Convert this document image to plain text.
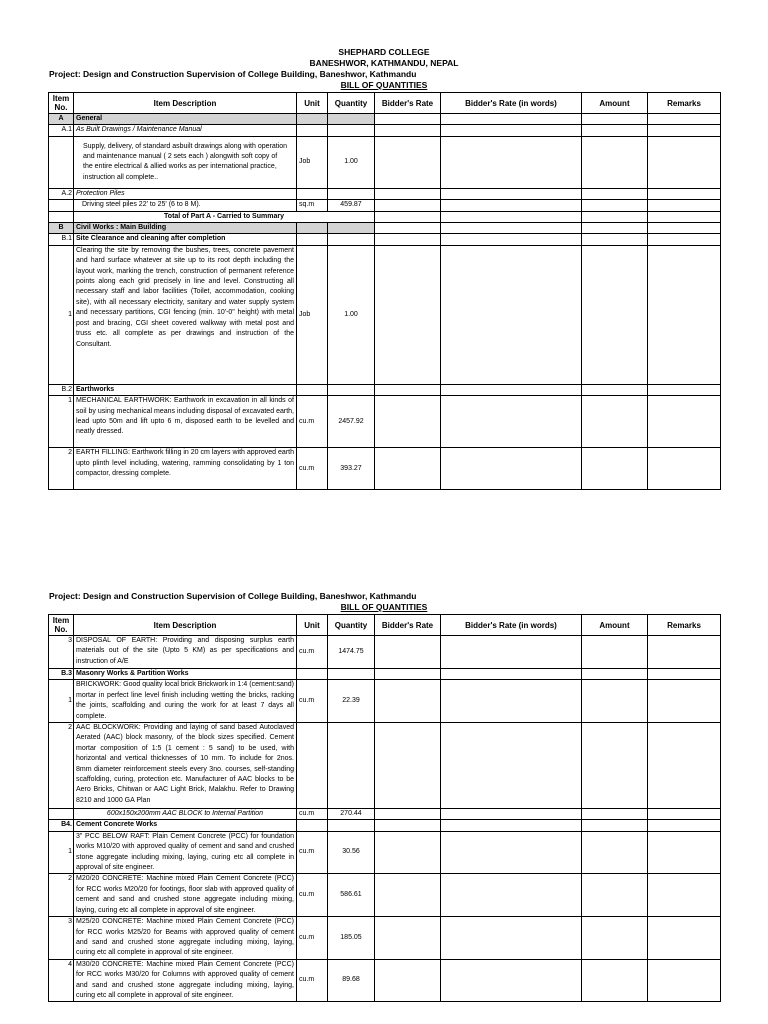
SHEPHARD COLLEGE
BANESHWOR, KATHMANDU, NEPAL
Project: Design and Construction Supervision of College Building, Baneshwor, Kathmandu
BILL OF QUANTITIES
Item No.	Item Description	Unit	Quantity	Bidder's Rate	Bidder's Rate (in words)	Amount	Remarks
A	General						
A.1	As Built Drawings / Maintenance Manual						
	Supply, delivery, of standard asbuilt drawings along with operation and maintenance manual ( 2 sets each ) alongwith soft copy of the entire electrical & allied works as per international practice, instruction all complete..	Job	1.00				
A.2	Protection Piles						
	Driving steel piles 22' to 25' (6 to 8 M).	sq.m	459.87				
	Total of Part A - Carried to Summary						
B	Civil Works : Main Building						
B.1	Site Clearance and cleaning after completion						
1	Clearing the site by removing the bushes, trees, concrete pavement and hard surface whatever at site up to its root depth including the layout work, marking the trench, construction of permanent reference points along each grid precisely in line and level. Constructing all necessary staff and labor facilities (Toilet, accommodation, cooking site), with all necessary electricity, sanitary and water supply system and necessary partitions, CGI fencing (min. 10'-0" height) with metal post and bracing, CGI sheet covered walkway with metal post and truss etc. all complete as per drawings and instruction of the Consultant.	Job	1.00				
B.2	Earthworks						
1	MECHANICAL EARTHWORK: Earthwork in excavation in all kinds of soil by using mechanical means including disposal of excavated earth, lead upto 50m and lift upto 6 m, disposed earth to be levelled and neatly dressed.	cu.m	2457.92				
2	EARTH FILLING: Earthwork filling in 20 cm layers with approved earth upto plinth level including, watering, ramming consolidating by 1 ton compactor, dressing complete.	cu.m	393.27				
Project: Design and Construction Supervision of College Building, Baneshwor, Kathmandu
BILL OF QUANTITIES
Item No.	Item Description	Unit	Quantity	Bidder's Rate	Bidder's Rate (in words)	Amount	Remarks
3	DISPOSAL OF EARTH: Providing and disposing surplus earth materials out of the site (Upto 5 KM) as per specifications and instruction of A/E	cu.m	1474.75				
B.3	Masonry Works & Partition Works						
1	BRICKWORK: Good quality local brick Brickwork in 1:4 (cement:sand) mortar in perfect line level finish including wetting the bricks, racking the joints, scaffolding and curing the work for at least 7 days all complete.	cu.m	22.39				
2	AAC BLOCKWORK: Providing and laying of sand based Autoclaved Aerated (AAC) block masonry, of the block sizes specified. Cement mortar composition of 1:5 (1 cement : 5 sand) to be used, with horizontal and vertical thicknesses of 10 mm. To include for 2nos. 8mm diameter reinforcement steels every 3no. courses, self-standing scaffolding, curing, protection etc. Manufacturer of AAC blocks to be Aero Bricks, Chitwan or AAC Light Brick, Malakhu. Refer to Drawing 8210 and 1000 GA Plan						
	600x150x200mm AAC BLOCK to Internal Partition	cu.m	270.44				
B4.	Cement Concrete Works						
1	3" PCC BELOW RAFT: Plain Cement Concrete (PCC) for foundation works M10/20 with approved quality of cement and sand and crushed stone aggregate including mixing, laying, curing etc all complete in approval of site engineer.	cu.m	30.56				
2	M20/20 CONCRETE: Machine mixed Plain Cement Concrete (PCC) for RCC works M20/20 for footings, floor slab with approved quality of cement and sand and crushed stone aggregate including mixing, laying, curing etc all complete in approval of site engineer.	cu.m	586.61				
3	M25/20 CONCRETE: Machine mixed Plain Cement Concrete (PCC) for RCC works M25/20 for Beams with approved quality of cement and sand and crushed stone aggregate including mixing, laying, curing etc all complete in approval of site engineer.	cu.m	185.05				
4	M30/20 CONCRETE: Machine mixed Plain Cement Concrete (PCC) for RCC works M30/20 for Columns with approved quality of cement and sand and crushed stone aggregate including mixing, laying, curing etc all complete in approval of site engineer.	cu.m	89.68				
